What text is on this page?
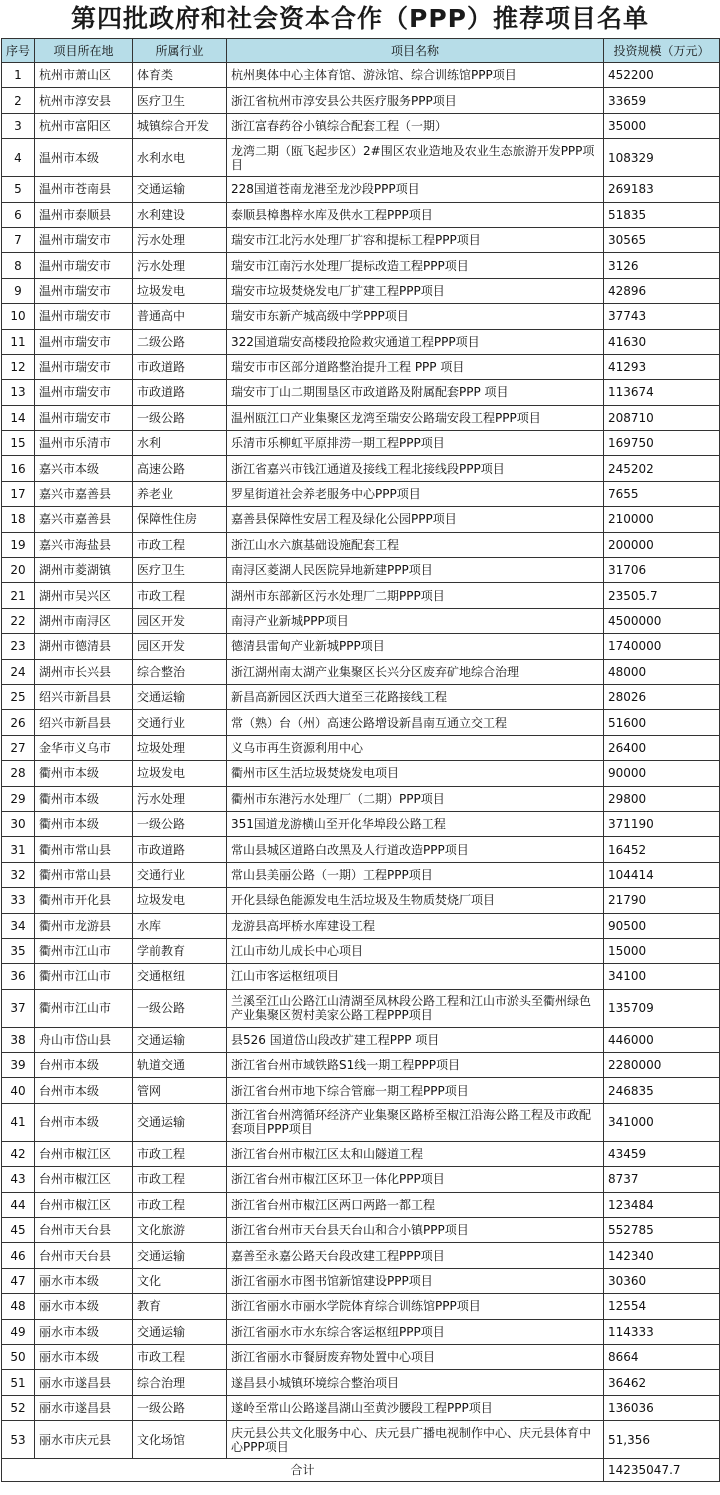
第四批政府和社会资本合作（PPP）推荐项目名单
序号	项目所在地	所属行业	项目名称	投资规模（万元）
1	杭州市萧山区	体育类	杭州奥体中心主体育馆、游泳馆、综合训练馆PPP项目	452200
2	杭州市淳安县	医疗卫生	浙江省杭州市淳安县公共医疗服务PPP项目	33659
3	杭州市富阳区	城镇综合开发	浙江富春药谷小镇综合配套工程（一期）	35000
4	温州市本级	水利水电	龙湾二期（瓯飞起步区）2#围区农业造地及农业生态旅游开发PPP项目	108329
5	温州市苍南县	交通运输	228国道苍南龙港至龙沙段PPP项目	269183
6	温州市泰顺县	水利建设	泰顺县樟嶴梓水库及供水工程PPP项目	51835
7	温州市瑞安市	污水处理	瑞安市江北污水处理厂扩容和提标工程PPP项目	30565
8	温州市瑞安市	污水处理	瑞安市江南污水处理厂提标改造工程PPP项目	3126
9	温州市瑞安市	垃圾发电	瑞安市垃圾焚烧发电厂扩建工程PPP项目	42896
10	温州市瑞安市	普通高中	瑞安市东新产城高级中学PPP项目	37743
11	温州市瑞安市	二级公路	322国道瑞安高楼段抢险救灾通道工程PPP项目	41630
12	温州市瑞安市	市政道路	瑞安市市区部分道路整治提升工程 PPP 项目	41293
13	温州市瑞安市	市政道路	瑞安市丁山二期围垦区市政道路及附属配套PPP 项目	113674
14	温州市瑞安市	一级公路	温州瓯江口产业集聚区龙湾至瑞安公路瑞安段工程PPP项目	208710
15	温州市乐清市	水利	乐清市乐柳虹平原排涝一期工程PPP项目	169750
16	嘉兴市本级	高速公路	浙江省嘉兴市钱江通道及接线工程北接线段PPP项目	245202
17	嘉兴市嘉善县	养老业	罗星街道社会养老服务中心PPP项目	7655
18	嘉兴市嘉善县	保障性住房	嘉善县保障性安居工程及绿化公园PPP项目	210000
19	嘉兴市海盐县	市政工程	浙江山水六旗基础设施配套工程	200000
20	湖州市菱湖镇	医疗卫生	南浔区菱湖人民医院异地新建PPP项目	31706
21	湖州市吴兴区	市政工程	湖州市东部新区污水处理厂二期PPP项目	23505.7
22	湖州市南浔区	园区开发	南浔产业新城PPP项目	4500000
23	湖州市德清县	园区开发	德清县雷甸产业新城PPP项目	1740000
24	湖州市长兴县	综合整治	浙江湖州南太湖产业集聚区长兴分区废弃矿地综合治理	48000
25	绍兴市新昌县	交通运输	新昌高新园区沃西大道至三花路接线工程	28026
26	绍兴市新昌县	交通行业	常（熟）台（州）高速公路增设新昌南互通立交工程	51600
27	金华市义乌市	垃圾处理	义乌市再生资源利用中心	26400
28	衢州市本级	垃圾发电	衢州市区生活垃圾焚烧发电项目	90000
29	衢州市本级	污水处理	衢州市东港污水处理厂（二期）PPP项目	29800
30	衢州市本级	一级公路	351国道龙游横山至开化华埠段公路工程	371190
31	衢州市常山县	市政道路	常山县城区道路白改黑及人行道改造PPP项目	16452
32	衢州市常山县	交通行业	常山县美丽公路（一期）工程PPP项目	104414
33	衢州市开化县	垃圾发电	开化县绿色能源发电生活垃圾及生物质焚烧厂项目	21790
34	衢州市龙游县	水库	龙游县高坪桥水库建设工程	90500
35	衢州市江山市	学前教育	江山市幼儿成长中心项目	15000
36	衢州市江山市	交通枢纽	江山市客运枢纽项目	34100
37	衢州市江山市	一级公路	兰溪至江山公路江山清湖至凤林段公路工程和江山市淤头至衢州绿色产业集聚区贺村美家公路工程PPP项目	135709
38	舟山市岱山县	交通运输	县526 国道岱山段改扩建工程PPP 项目	446000
39	台州市本级	轨道交通	浙江省台州市域铁路S1线一期工程PPP项目	2280000
40	台州市本级	管网	浙江省台州市地下综合管廊一期工程PPP项目	246835
41	台州市本级	交通运输	浙江省台州湾循环经济产业集聚区路桥至椒江沿海公路工程及市政配套项目PPP项目	341000
42	台州市椒江区	市政工程	浙江省台州市椒江区太和山隧道工程	43459
43	台州市椒江区	市政工程	浙江省台州市椒江区环卫一体化PPP项目	8737
44	台州市椒江区	市政工程	浙江省台州市椒江区两口两路一都工程	123484
45	台州市天台县	文化旅游	浙江省台州市天台县天台山和合小镇PPP项目	552785
46	台州市天台县	交通运输	嘉善至永嘉公路天台段改建工程PPP项目	142340
47	丽水市本级	文化	浙江省丽水市图书馆新馆建设PPP项目	30360
48	丽水市本级	教育	浙江省丽水市丽水学院体育综合训练馆PPP项目	12554
49	丽水市本级	交通运输	浙江省丽水市水东综合客运枢纽PPP项目	114333
50	丽水市本级	市政工程	浙江省丽水市餐厨废弃物处置中心项目	8664
51	丽水市遂昌县	综合治理	遂昌县小城镇环境综合整治项目	36462
52	丽水市遂昌县	一级公路	遂岭至常山公路遂昌湖山至黄沙腰段工程PPP项目	136036
53	丽水市庆元县	文化场馆	庆元县公共文化服务中心、庆元县广播电视制作中心、庆元县体育中心PPP项目	51,356
合计				14235047.7
